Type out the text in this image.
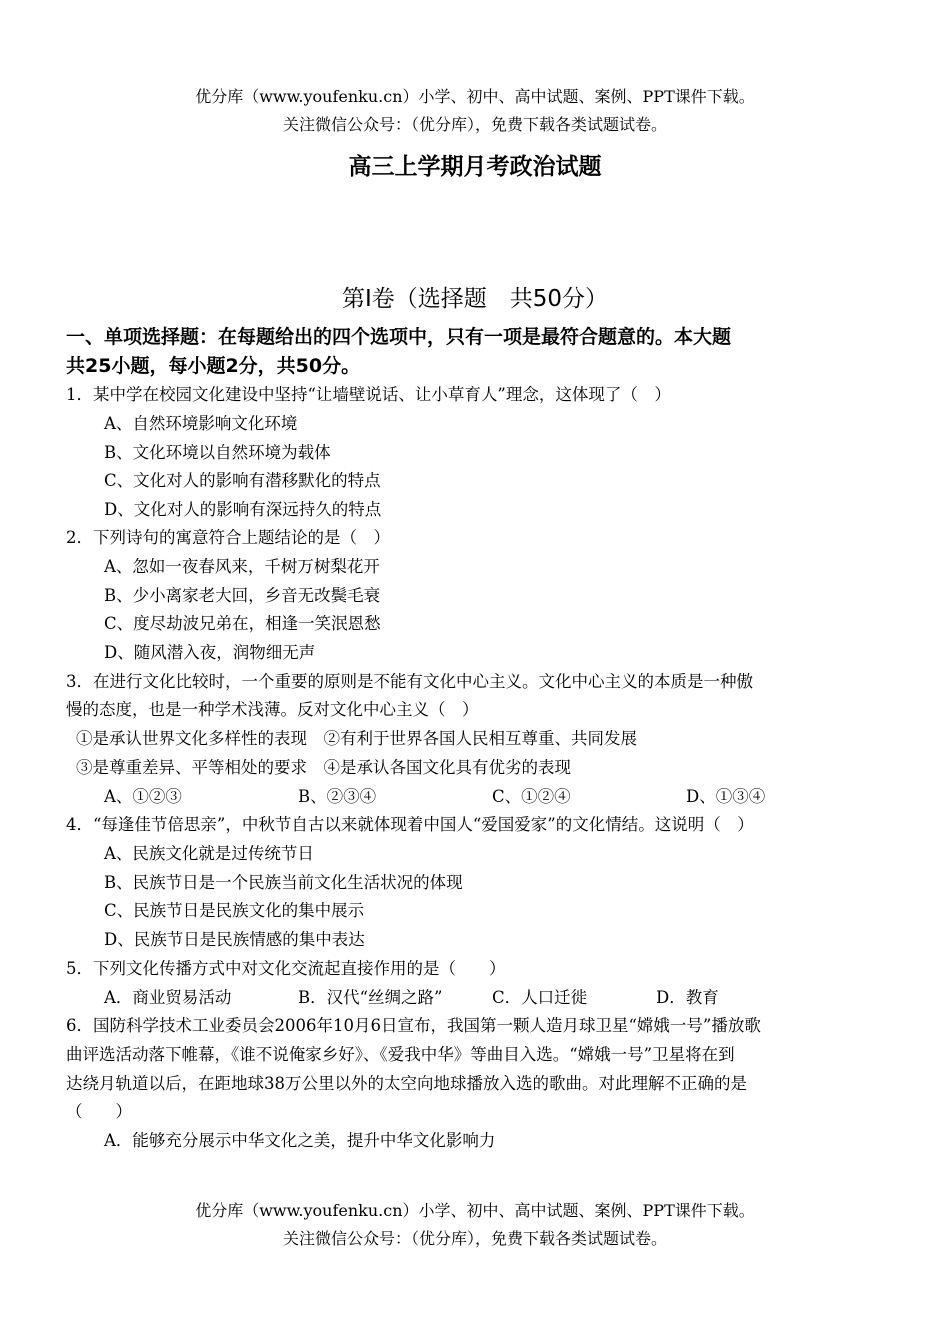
优分库（www.youfenku.cn）小学、初中、高中试题、案例、PPT课件下载。
关注微信公众号：（优分库），免费下载各类试题试卷。
高三上学期月考政治试题
第Ⅰ卷（选择题　共50分）
一、单项选择题：在每题给出的四个选项中，只有一项是最符合题意的。本大题
共25小题，每小题2分，共50分。
1．某中学在校园文化建设中坚持“让墙壁说话、让小草育人”理念，这体现了（　）
A、自然环境影响文化环境
B、文化环境以自然环境为载体
C、文化对人的影响有潜移默化的特点
D、文化对人的影响有深远持久的特点
2．下列诗句的寓意符合上题结论的是（　）
A、忽如一夜春风来，千树万树梨花开
B、少小离家老大回，乡音无改鬓毛衰
C、度尽劫波兄弟在，相逢一笑泯恩愁
D、随风潜入夜，润物细无声
3．在进行文化比较时，一个重要的原则是不能有文化中心主义。文化中心主义的本质是一种傲
慢的态度，也是一种学术浅薄。反对文化中心主义（　）
①是承认世界文化多样性的表现　②有利于世界各国人民相互尊重、共同发展
③是尊重差异、平等相处的要求　④是承认各国文化具有优劣的表现
A、①②③	B、②③④	C、①②④	D、①③④
4．“每逢佳节倍思亲”，中秋节自古以来就体现着中国人“爱国爱家”的文化情结。这说明（　）
A、民族文化就是过传统节日
B、民族节日是一个民族当前文化生活状况的体现
C、民族节日是民族文化的集中展示
D、民族节日是民族情感的集中表达
5．下列文化传播方式中对文化交流起直接作用的是（　　）
A．商业贸易活动	B．汉代“丝绸之路”	C．人口迁徙	D．教育
6．国防科学技术工业委员会2006年10月6日宣布，我国第一颗人造月球卫星“嫦娥一号”播放歌
曲评选活动落下帷幕，《谁不说俺家乡好》、《爱我中华》等曲目入选。“嫦娥一号”卫星将在到
达绕月轨道以后，在距地球38万公里以外的太空向地球播放入选的歌曲。对此理解不正确的是
（　　）
A．能够充分展示中华文化之美，提升中华文化影响力
优分库（www.youfenku.cn）小学、初中、高中试题、案例、PPT课件下载。
关注微信公众号：（优分库），免费下载各类试题试卷。
